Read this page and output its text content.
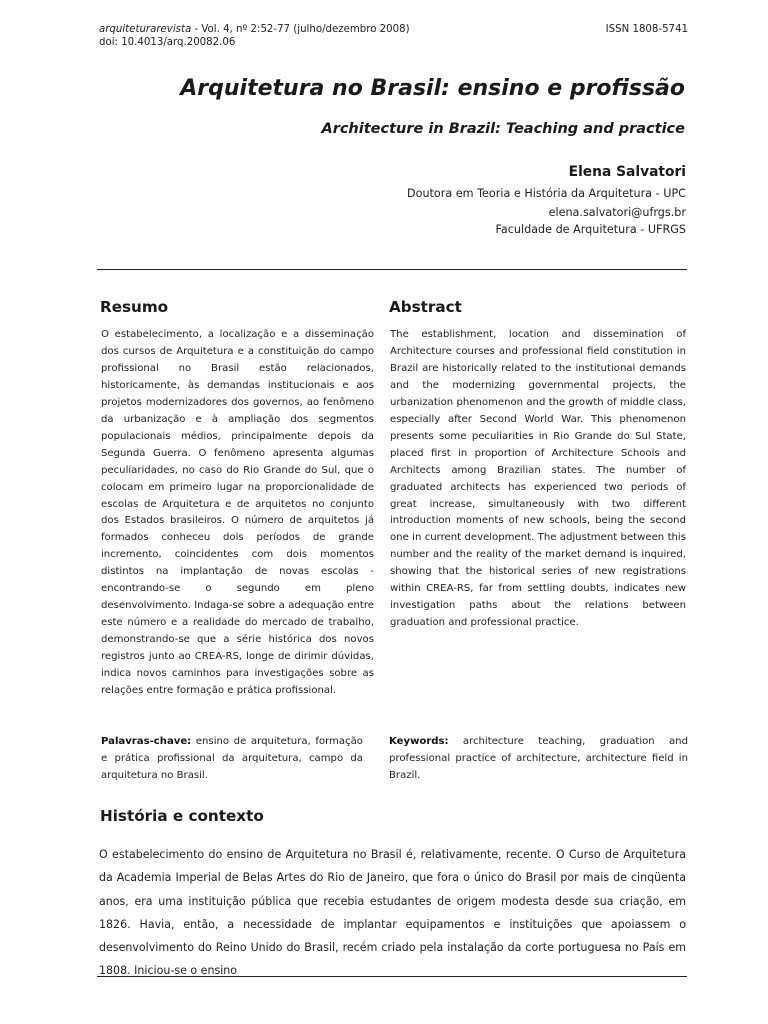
arquiteturarevista - Vol. 4, nº 2:52-77 (julho/dezembro 2008)
doi: 10.4013/arq.20082.06
ISSN 1808-5741
Arquitetura no Brasil: ensino e profissão
Architecture in Brazil: Teaching and practice
Elena Salvatori
Doutora em Teoria e História da Arquitetura - UPC
elena.salvatori@ufrgs.br
Faculdade de Arquitetura - UFRGS
Resumo

O estabelecimento, a localização e a disseminação dos cursos de Arquitetura e a constituição do campo profissional no Brasil estão relacionados, historicamente, às demandas institucionais e aos projetos modernizadores dos governos, ao fenômeno da urbanização e à ampliação dos segmentos populacionais médios, principalmente depois da Segunda Guerra. O fenômeno apresenta algumas peculiaridades, no caso do Rio Grande do Sul, que o colocam em primeiro lugar na proporcionalidade de escolas de Arquitetura e de arquitetos no conjunto dos Estados brasileiros. O número de arquitetos já formados conheceu dois períodos de grande incremento, coincidentes com dois momentos distintos na implantação de novas escolas - encontrando-se o segundo em pleno desenvolvimento. Indaga-se sobre a adequação entre este número e a realidade do mercado de trabalho, demonstrando-se que a série histórica dos novos registros junto ao CREA-RS, longe de dirimir dúvidas, indica novos caminhos para investigações sobre as relações entre formação e prática profissional.

Abstract

The establishment, location and dissemination of Architecture courses and professional field constitution in Brazil are historically related to the institutional demands and the modernizing governmental projects, the urbanization phenomenon and the growth of middle class, especially after Second World War. This phenomenon presents some peculiarities in Rio Grande do Sul State, placed first in proportion of Architecture Schools and Architects among Brazilian states. The number of graduated architects has experienced two periods of great increase, simultaneously with two different introduction moments of new schools, being the second one in current development. The adjustment between this number and the reality of the market demand is inquired, showing that the historical series of new registrations within CREA-RS, far from settling doubts, indicates new investigation paths about the relations between graduation and professional practice.

Palavras-chave: ensino de arquitetura, formação e prática profissional da arquitetura, campo da arquitetura no Brasil.

Keywords: architecture teaching, graduation and professional practice of architecture, architecture field in Brazil.

História e contexto

O estabelecimento do ensino de Arquitetura no Brasil é, relativamente, recente. O Curso de Arquitetura da Academia Imperial de Belas Artes do Rio de Janeiro, que fora o único do Brasil por mais de cinqüenta anos, era uma instituição pública que recebia estudantes de origem modesta desde sua criação, em 1826. Havia, então, a necessidade de implantar equipamentos e instituições que apoiassem o desenvolvimento do Reino Unido do Brasil, recém criado pela instalação da corte portuguesa no País em 1808. Iniciou-se o ensino
